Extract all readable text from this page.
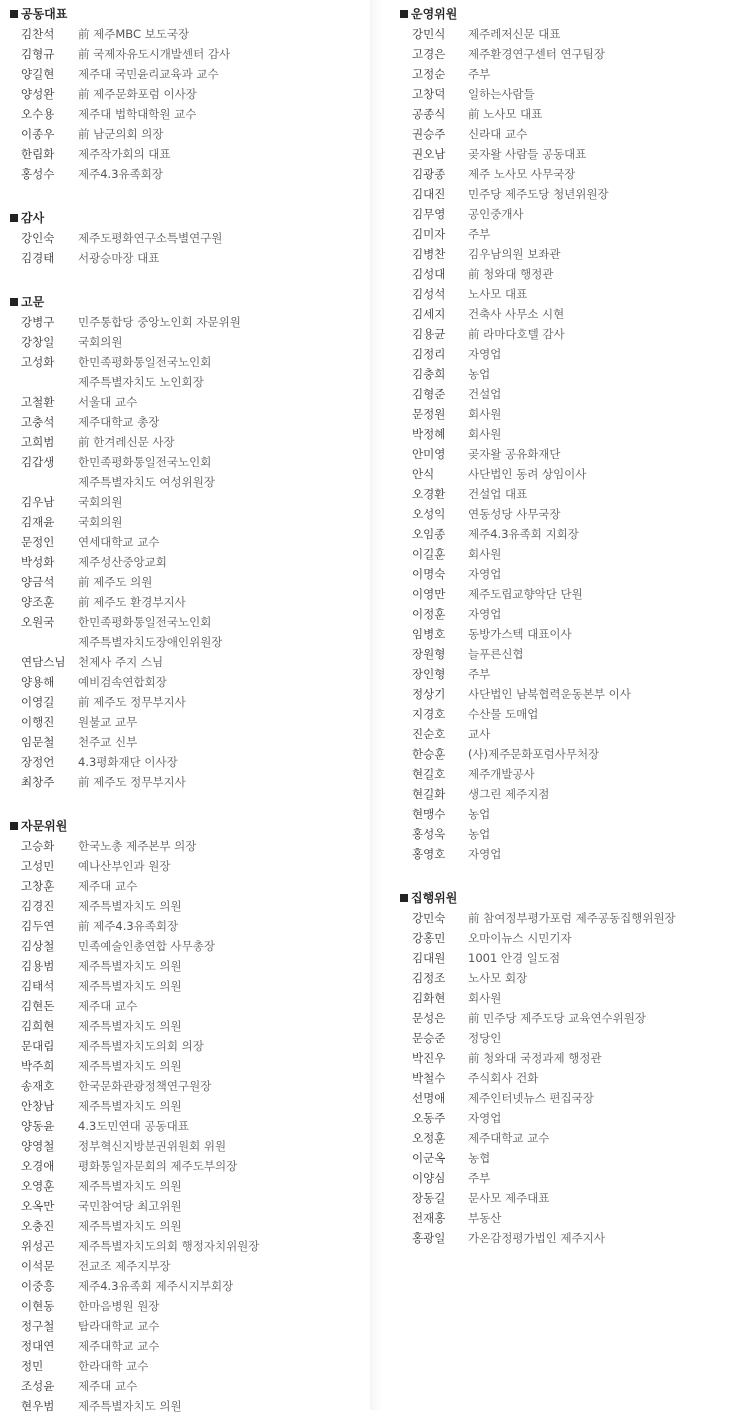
공동대표
김찬석	前 제주MBC 보도국장
김형규	前 국제자유도시개발센터 감사
양길현	제주대 국민윤리교육과 교수
양성완	前 제주문화포럼 이사장
오수용	제주대 법학대학원 교수
이종우	前 남군의회 의장
한림화	제주작가회의 대표
홍성수	제주4.3유족회장
감사
강인숙	제주도평화연구소특별연구원
김경태	서광승마장 대표
고문
강병구	민주통합당 중앙노인회 자문위원
강창일	국회의원
고성화	한민족평화통일전국노인회
제주특별자치도 노인회장
고철환	서울대 교수
고충석	제주대학교 총장
고희범	前 한겨레신문 사장
김갑생	한민족평화통일전국노인회
제주특별자치도 여성위원장
김우남	국회의원
김재윤	국회의원
문정인	연세대학교 교수
박성화	제주성산중앙교회
양금석	前 제주도 의원
양조훈	前 제주도 환경부지사
오원국	한민족평화통일전국노인회
제주특별자치도장애인위원장
연담스님	천제사 주지 스님
양용해	예비검속연합회장
이영길	前 제주도 정무부지사
이행진	원불교 교무
임문철	천주교 신부
장정언	4.3평화재단 이사장
최창주	前 제주도 정무부지사
자문위원
고승화	한국노총 제주본부 의장
고성민	예나산부인과 원장
고창훈	제주대 교수
김경진	제주특별자치도 의원
김두연	前 제주4.3유족회장
김상철	민족예술인총연합 사무총장
김용범	제주특별자치도 의원
김태석	제주특별자치도 의원
김현돈	제주대 교수
김희현	제주특별자치도 의원
문대림	제주특별자치도의회 의장
박주희	제주특별자치도 의원
송재호	한국문화관광정책연구원장
안창남	제주특별자치도 의원
양동윤	4.3도민연대 공동대표
양영철	정부혁신지방분권위원회 위원
오경애	평화통일자문회의 제주도부의장
오영훈	제주특별자치도 의원
오옥만	국민참여당 최고위원
오충진	제주특별자치도 의원
위성곤	제주특별자치도의회 행정자치위원장
이석문	전교조 제주지부장
이중흥	제주4.3유족회 제주시지부회장
이현동	한마음병원 원장
정구철	탐라대학교 교수
정대연	제주대학교 교수
정민	한라대학 교수
조성윤	제주대 교수
현우범	제주특별자치도 의원
운영위원
강민식	제주레저신문 대표
고경은	제주환경연구센터 연구팀장
고정순	주부
고창덕	일하는사람들
공종식	前 노사모 대표
권승주	신라대 교수
권오남	곶자왈 사람들 공동대표
김광종	제주 노사모 사무국장
김대진	민주당 제주도당 청년위원장
김무영	공인중개사
김미자	주부
김병찬	김우남의원 보좌관
김성대	前 청와대 행정관
김성석	노사모 대표
김세지	건축사 사무소 시현
김용균	前 라마다호텔 감사
김정리	자영업
김충희	농업
김형준	건설업
문정원	회사원
박정혜	회사원
안미영	곶자왈 공유화재단
안식	사단법인 동려 상임이사
오경환	건설업 대표
오성익	연동성당 사무국장
오임종	제주4.3유족회 지회장
이길훈	회사원
이명숙	자영업
이영만	제주도립교향악단 단원
이정훈	자영업
임병호	동방가스텍 대표이사
장원형	늘푸른신협
장인형	주부
정상기	사단법인 남북협력운동본부 이사
지경호	수산물 도매업
진순호	교사
한승훈	(사)제주문화포럼사무처장
현길호	제주개발공사
현길화	생그린 제주지점
현맹수	농업
홍성욱	농업
홍영호	자영업
집행위원
강민숙	前 참여정부평가포럼 제주공동집행위원장
강홍민	오마이뉴스 시민기자
김대원	1001 안경 일도점
김정조	노사모 회장
김화현	회사원
문성은	前 민주당 제주도당 교육연수위원장
문승준	정당인
박진우	前 청와대 국정과제 행정관
박철수	주식회사 건화
선명애	제주인터넷뉴스 편집국장
오동주	자영업
오정훈	제주대학교 교수
이군옥	농협
이양심	주부
장동길	문사모 제주대표
전재홍	부동산
홍광일	가온감정평가법인 제주지사
